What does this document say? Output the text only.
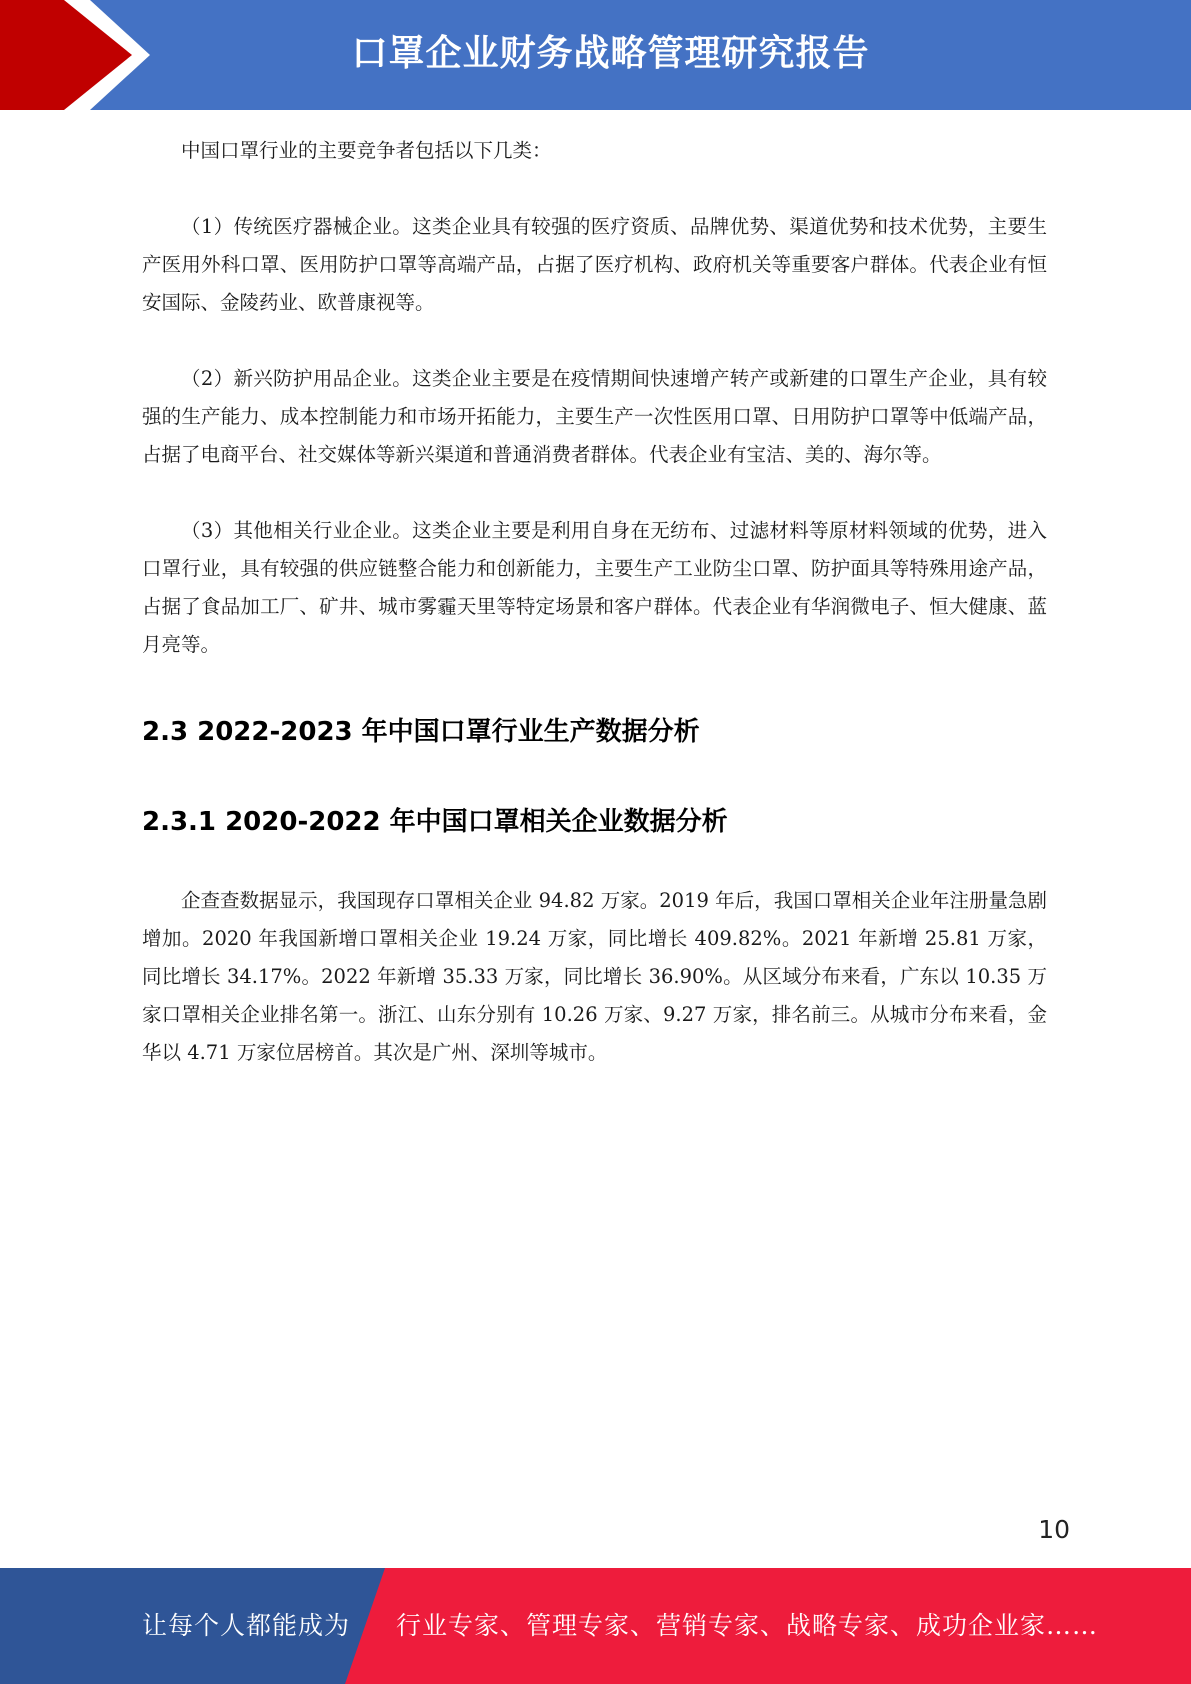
口罩企业财务战略管理研究报告

中国口罩行业的主要竞争者包括以下几类：

（1）传统医疗器械企业。这类企业具有较强的医疗资质、品牌优势、渠道优势和技术优势，主要生产医用外科口罩、医用防护口罩等高端产品，占据了医疗机构、政府机关等重要客户群体。代表企业有恒安国际、金陵药业、欧普康视等。

（2）新兴防护用品企业。这类企业主要是在疫情期间快速增产转产或新建的口罩生产企业，具有较强的生产能力、成本控制能力和市场开拓能力，主要生产一次性医用口罩、日用防护口罩等中低端产品，占据了电商平台、社交媒体等新兴渠道和普通消费者群体。代表企业有宝洁、美的、海尔等。

（3）其他相关行业企业。这类企业主要是利用自身在无纺布、过滤材料等原材料领域的优势，进入口罩行业，具有较强的供应链整合能力和创新能力，主要生产工业防尘口罩、防护面具等特殊用途产品，占据了食品加工厂、矿井、城市雾霾天里等特定场景和客户群体。代表企业有华润微电子、恒大健康、蓝月亮等。

2.3 2022-2023 年中国口罩行业生产数据分析
2.3.1 2020-2022 年中国口罩相关企业数据分析

企查查数据显示，我国现存口罩相关企业 94.82 万家。2019 年后，我国口罩相关企业年注册量急剧增加。2020 年我国新增口罩相关企业 19.24 万家，同比增长 409.82%。2021 年新增 25.81 万家，同比增长 34.17%。2022 年新增 35.33 万家，同比增长 36.90%。从区域分布来看，广东以 10.35 万家口罩相关企业排名第一。浙江、山东分别有 10.26 万家、9.27 万家，排名前三。从城市分布来看，金华以 4.71 万家位居榜首。其次是广州、深圳等城市。

10
让每个人都能成为 行业专家、管理专家、营销专家、战略专家、成功企业家……
